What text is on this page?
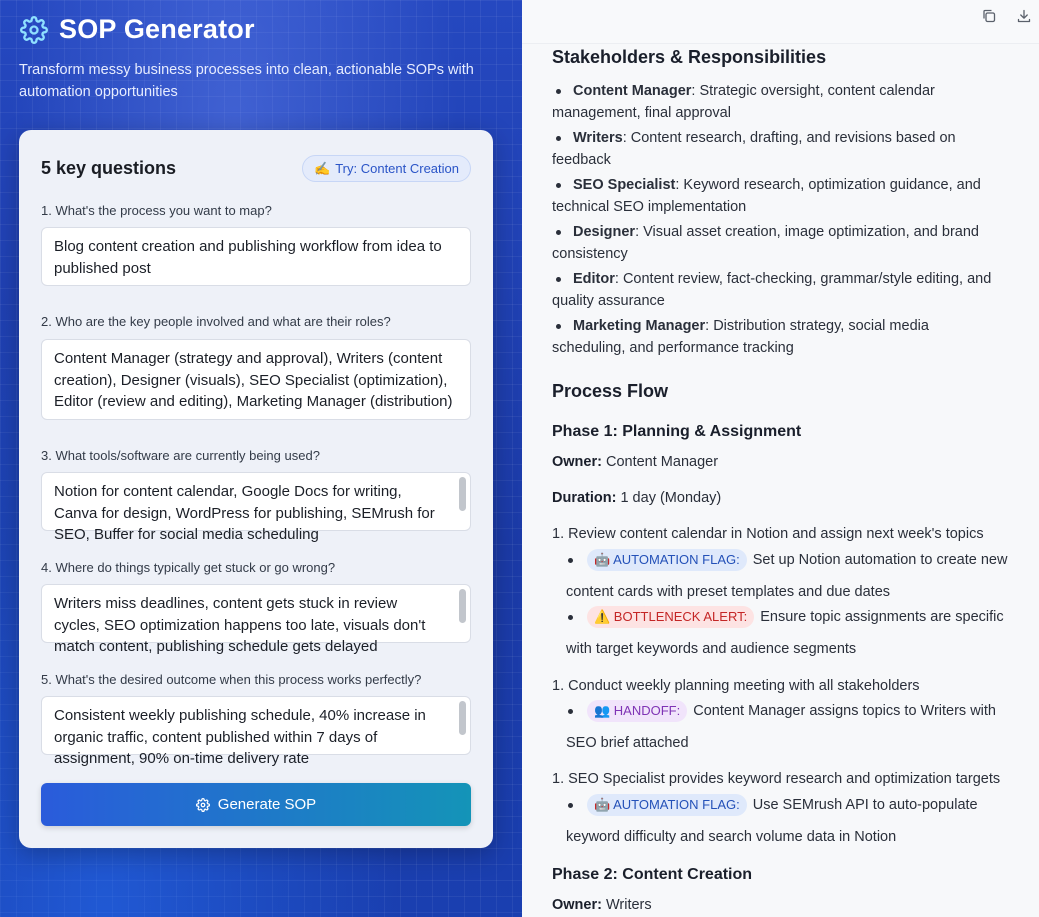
SOP Generator
Transform messy business processes into clean, actionable SOPs with automation opportunities
5 key questions	✍️ Try: Content Creation
1. What's the process you want to map?
Blog content creation and publishing workflow from idea to published post
2. Who are the key people involved and what are their roles?
Content Manager (strategy and approval), Writers (content creation), Designer (visuals), SEO Specialist (optimization), Editor (review and editing), Marketing Manager (distribution)
3. What tools/software are currently being used?
Notion for content calendar, Google Docs for writing, Canva for design, WordPress for publishing, SEMrush for SEO, Buffer for social media scheduling
4. Where do things typically get stuck or go wrong?
Writers miss deadlines, content gets stuck in review cycles, SEO optimization happens too late, visuals don't match content, publishing schedule gets delayed
5. What's the desired outcome when this process works perfectly?
Consistent weekly publishing schedule, 40% increase in organic traffic, content published within 7 days of assignment, 90% on-time delivery rate
Generate SOP
Stakeholders & Responsibilities
Content Manager: Strategic oversight, content calendar
management, final approval
Writers: Content research, drafting, and revisions based on
feedback
SEO Specialist: Keyword research, optimization guidance, and
technical SEO implementation
Designer: Visual asset creation, image optimization, and brand
consistency
Editor: Content review, fact-checking, grammar/style editing, and
quality assurance
Marketing Manager: Distribution strategy, social media
scheduling, and performance tracking
Process Flow
Phase 1: Planning & Assignment
Owner: Content Manager
Duration: 1 day (Monday)
1. Review content calendar in Notion and assign next week's topics
🤖 AUTOMATION FLAG: Set up Notion automation to create new
content cards with preset templates and due dates
⚠️ BOTTLENECK ALERT: Ensure topic assignments are specific
with target keywords and audience segments
1. Conduct weekly planning meeting with all stakeholders
👥 HANDOFF: Content Manager assigns topics to Writers with
SEO brief attached
1. SEO Specialist provides keyword research and optimization targets
🤖 AUTOMATION FLAG: Use SEMrush API to auto-populate
keyword difficulty and search volume data in Notion
Phase 2: Content Creation
Owner: Writers
